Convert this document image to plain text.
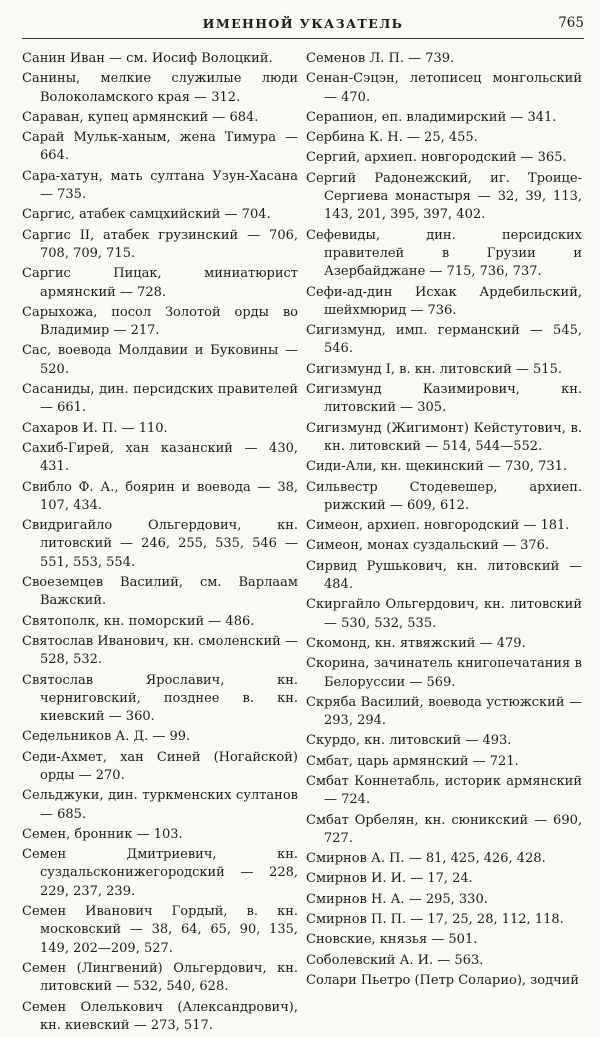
ИМЕННОЙ УКАЗАТЕЛЬ	765
Санин Иван — см. Иосиф Волоцкий.
Санины, мелкие служилые люди Волоколамского края — 312.
Сараван, купец армянский — 684.
Сарай Мульк-ханым, жена Тимура — 664.
Сара-хатун, мать султана Узун-Хасана — 735.
Саргис, атабек самцхийский — 704.
Саргис II, атабек грузинский — 706, 708, 709, 715.
Саргис Пицак, миниатюрист армянский — 728.
Сарыхожа, посол Золотой орды во Владимир — 217.
Сас, воевода Молдавии и Буковины — 520.
Сасаниды, дин. персидских правителей — 661.
Сахаров И. П. — 110.
Сахиб-Гирей, хан казанский — 430, 431.
Свибло Ф. А., боярин и воевода — 38, 107, 434.
Свидригайло Ольгердович, кн. литовский — 246, 255, 535, 546 — 551, 553, 554.
Своеземцев Василий, см. Варлаам Важский.
Святополк, кн. поморский — 486.
Святослав Иванович, кн. смоленский — 528, 532.
Святослав Ярославич, кн. черниговский, позднее в. кн. киевский — 360.
Седельников А. Д. — 99.
Седи-Ахмет, хан Синей (Ногайской) орды — 270.
Сельджуки, дин. туркменских султанов — 685.
Семен, бронник — 103.
Семен Дмитриевич, кн. суздальсконижегородский — 228, 229, 237, 239.
Семен Иванович Гордый, в. кн. московский — 38, 64, 65, 90, 135, 149, 202—209, 527.
Семен (Лингвений) Ольгердович, кн. литовский — 532, 540, 628.
Семен Олелькович (Александрович), кн. киевский — 273, 517.
Семенов Л. П. — 739.
Сенан-Сэцэн, летописец монгольский — 470.
Серапион, еп. владимирский — 341.
Сербина К. Н. — 25, 455.
Сергий, архиеп. новгородский — 365.
Сергий Радонежский, иг. Троице-Сергиева монастыря — 32, 39, 113, 143, 201, 395, 397, 402.
Сефевиды, дин. персидских правителей в Грузии и Азербайджане — 715, 736, 737.
Сефи-ад-дин Исхак Ардебильский, шейхмюрид — 736.
Сигизмунд, имп. германский — 545, 546.
Сигизмунд I, в. кн. литовский — 515.
Сигизмунд Казимирович, кн. литовский — 305.
Сигизмунд (Жигимонт) Кейстутович, в. кн. литовский — 514, 544—552.
Сиди-Али, кн. щекинский — 730, 731.
Сильвестр Стодевешер, архиеп. рижский — 609, 612.
Симеон, архиеп. новгородский — 181.
Симеон, монах суздальский — 376.
Сирвид Рушькович, кн. литовский — 484.
Скиргайло Ольгердович, кн. литовский — 530, 532, 535.
Скомонд, кн. ятвяжский — 479.
Скорина, зачинатель книгопечатания в Белоруссии — 569.
Скряба Василий, воевода устюжский — 293, 294.
Скурдо, кн. литовский — 493.
Смбат, царь армянский — 721.
Смбат Коннетабль, историк армянский — 724.
Смбат Орбелян, кн. сюникский — 690, 727.
Смирнов А. П. — 81, 425, 426, 428.
Смирнов И. И. — 17, 24.
Смирнов Н. А. — 295, 330.
Смирнов П. П. — 17, 25, 28, 112, 118.
Сновские, князья — 501.
Соболевский А. И. — 563.
Солари Пьетро (Петр Соларио), зодчий
